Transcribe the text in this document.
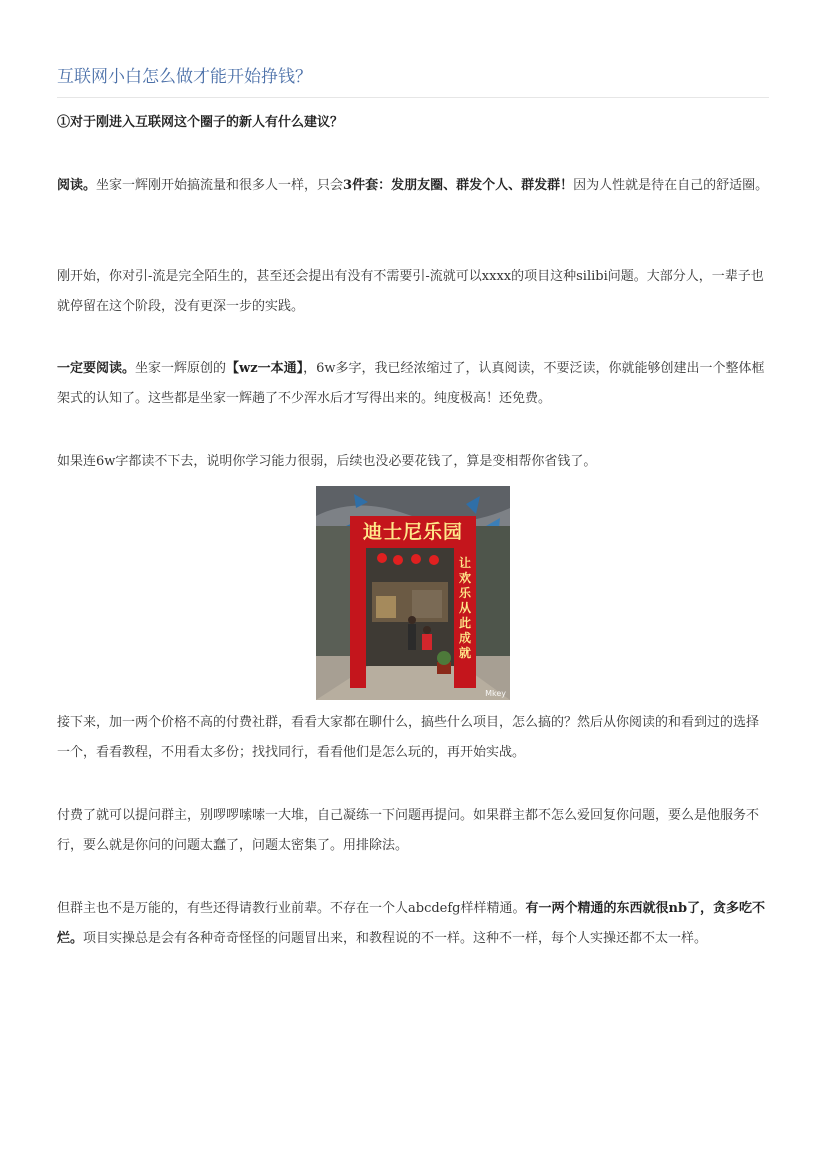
互联网小白怎么做才能开始挣钱？

①对于刚进入互联网这个圈子的新人有什么建议？

阅读。坐家一辉刚开始搞流量和很多人一样，只会3件套：发朋友圈、群发个人、群发群！因为人性就是待在自己的舒适圈。

刚开始，你对引-流是完全陌生的，甚至还会提出有没有不需要引-流就可以xxxx的项目这种silibi问题。大部分人，一辈子也就停留在这个阶段，没有更深一步的实践。

一定要阅读。坐家一辉原创的【wz一本通】，6w多字，我已经浓缩过了，认真阅读，不要泛读，你就能够创建出一个整体框架式的认知了。这些都是坐家一辉趟了不少浑水后才写得出来的。纯度极高！还免费。

如果连6w字都读不下去，说明你学习能力很弱，后续也没必要花钱了，算是变相帮你省钱了。

迪士尼乐园
让欢乐从此成就
Mkey

接下来，加一两个价格不高的付费社群，看看大家都在聊什么，搞些什么项目，怎么搞的？然后从你阅读的和看到过的选择一个，看看教程，不用看太多份；找找同行，看看他们是怎么玩的，再开始实战。

付费了就可以提问群主，别啰啰嗦嗦一大堆，自己凝练一下问题再提问。如果群主都不怎么爱回复你问题，要么是他服务不行，要么就是你问的问题太蠢了，问题太密集了。用排除法。

但群主也不是万能的，有些还得请教行业前辈。不存在一个人abcdefg样样精通。有一两个精通的东西就很nb了，贪多吃不烂。项目实操总是会有各种奇奇怪怪的问题冒出来，和教程说的不一样。这种不一样，每个人实操还都不太一样。
